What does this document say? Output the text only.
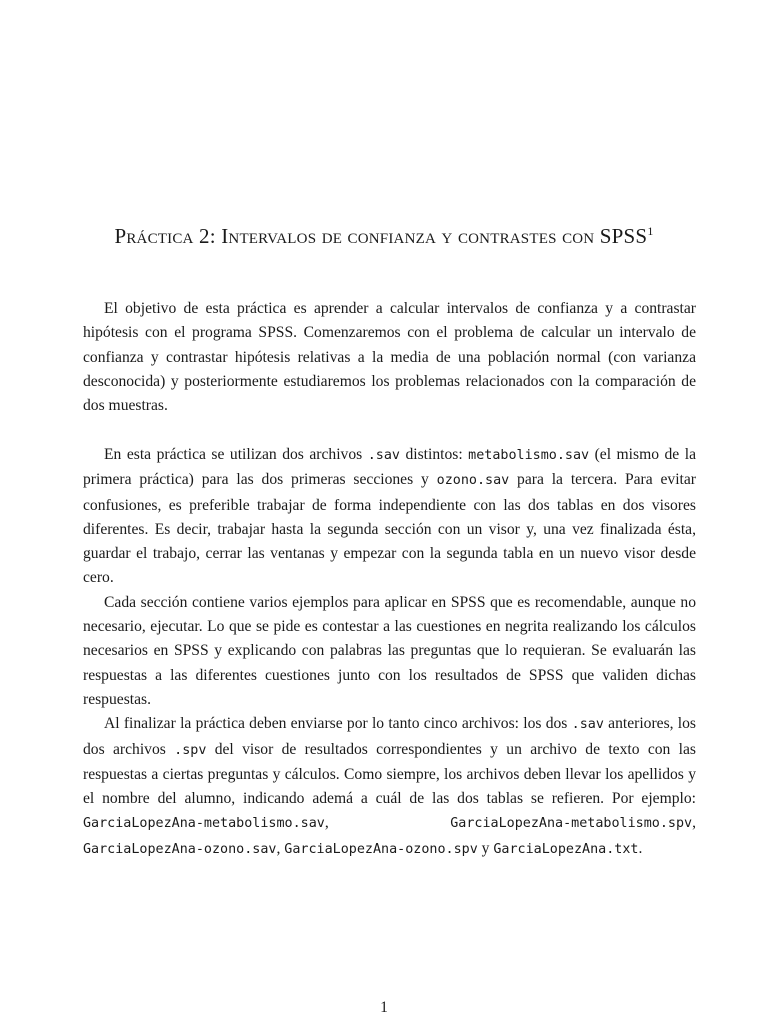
Práctica 2: Intervalos de confianza y contrastes con SPSS$^1$

El objetivo de esta práctica es aprender a calcular intervalos de confianza y a contrastar hipótesis con el programa SPSS. Comenzaremos con el problema de calcular un intervalo de confianza y contrastar hipótesis relativas a la media de una población normal (con varianza desconocida) y posteriormente estudiaremos los problemas relacionados con la comparación de dos muestras.

En esta práctica se utilizan dos archivos .sav distintos: metabolismo.sav (el mismo de la primera práctica) para las dos primeras secciones y ozono.sav para la tercera. Para evitar confusiones, es preferible trabajar de forma independiente con las dos tablas en dos visores diferentes. Es decir, trabajar hasta la segunda sección con un visor y, una vez finalizada ésta, guardar el trabajo, cerrar las ventanas y empezar con la segunda tabla en un nuevo visor desde cero.

Cada sección contiene varios ejemplos para aplicar en SPSS que es recomendable, aunque no necesario, ejecutar. Lo que se pide es contestar a las cuestiones en negrita realizando los cálculos necesarios en SPSS y explicando con palabras las preguntas que lo requieran. Se evaluarán las respuestas a las diferentes cuestiones junto con los resultados de SPSS que validen dichas respuestas.

Al finalizar la práctica deben enviarse por lo tanto cinco archivos: los dos .sav anteriores, los dos archivos .spv del visor de resultados correspondientes y un archivo de texto con las respuestas a ciertas preguntas y cálculos. Como siempre, los archivos deben llevar los apellidos y el nombre del alumno, indicando ademá a cuál de las dos tablas se refieren. Por ejemplo: GarciaLopezAna-metabolismo.sav, GarciaLopezAna-metabolismo.spv, GarciaLopezAna-ozono.sav, GarciaLopezAna-ozono.spv y GarciaLopezAna.txt.

1
